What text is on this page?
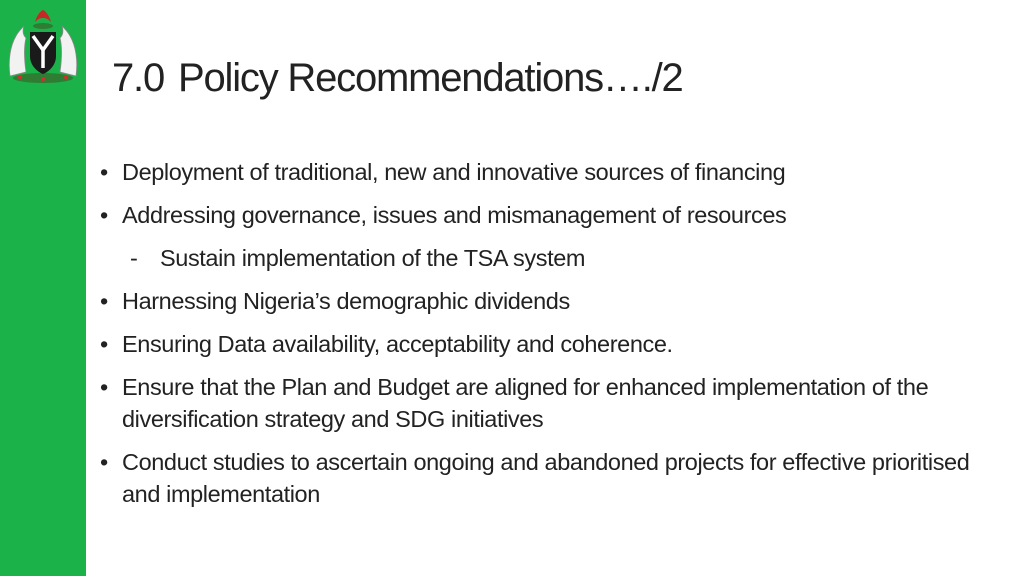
7.0 Policy Recommendations…./2
• Deployment of traditional, new and innovative sources of financing
• Addressing governance, issues and mismanagement of resources
- Sustain implementation of the TSA system
• Harnessing Nigeria’s demographic dividends
• Ensuring Data availability, acceptability and coherence.
• Ensure that the Plan and Budget are aligned for enhanced implementation of the diversification strategy and SDG initiatives
• Conduct studies to ascertain ongoing and abandoned projects for effective prioritised and implementation
